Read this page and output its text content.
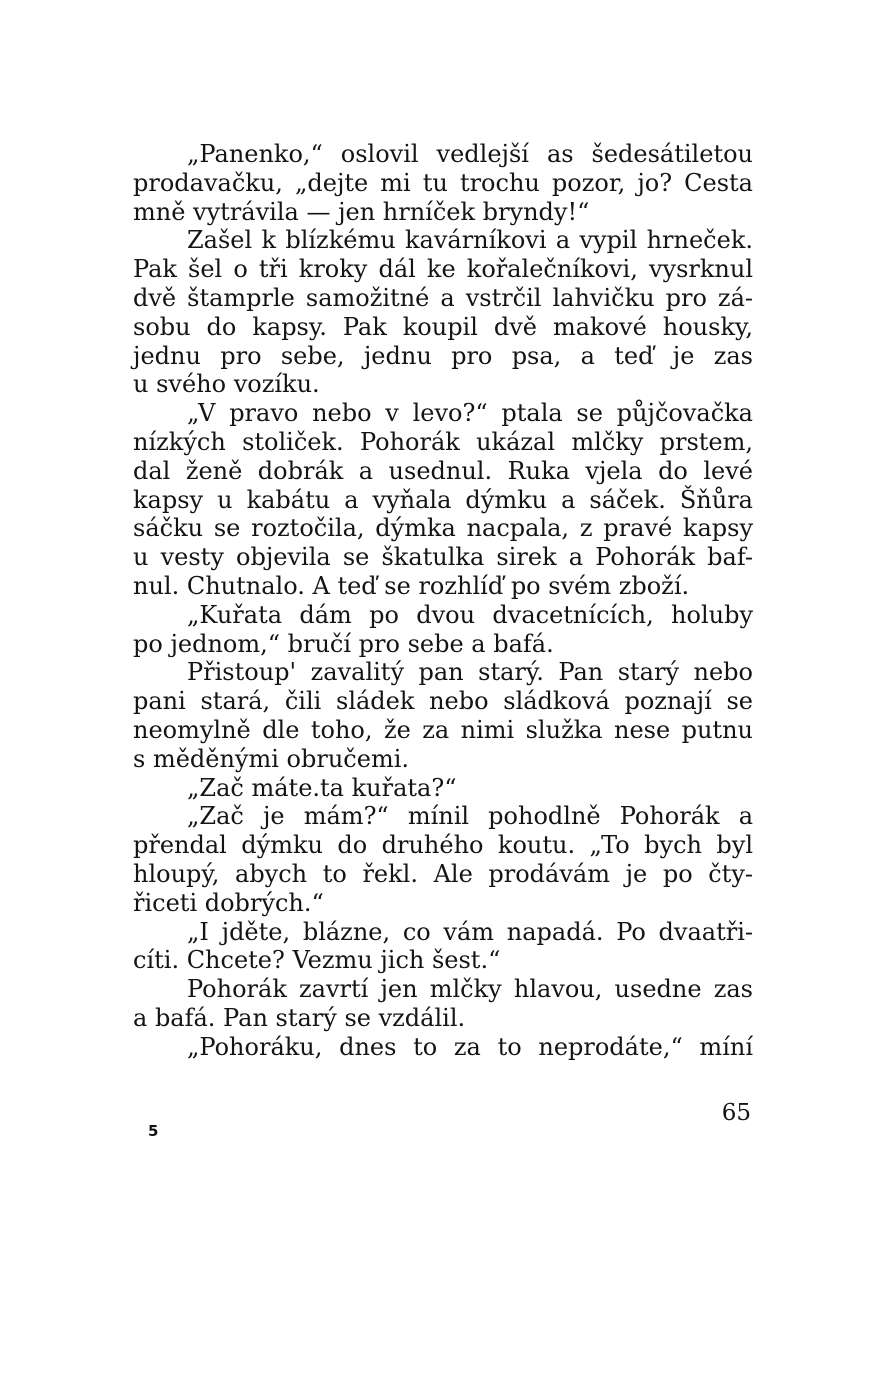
„Panenko,“ oslovil vedlejší as šedesátiletou
prodavačku, „dejte mi tu trochu pozor, jo? Cesta
mně vytrávila — jen hrníček bryndy!“
Zašel k blízkému kavárníkovi a vypil hrneček.
Pak šel o tři kroky dál ke kořalečníkovi, vysrknul
dvě štamprle samožitné a vstrčil lahvičku pro zá-
sobu do kapsy. Pak koupil dvě makové housky,
jednu pro sebe, jednu pro psa, a teď je zas
u svého vozíku.
„V pravo nebo v levo?“ ptala se půjčovačka
nízkých stoliček. Pohorák ukázal mlčky prstem,
dal ženě dobrák a usednul. Ruka vjela do levé
kapsy u kabátu a vyňala dýmku a sáček. Šňůra
sáčku se roztočila, dýmka nacpala, z pravé kapsy
u vesty objevila se škatulka sirek a Pohorák baf-
nul. Chutnalo. A teď se rozhlíď po svém zboží.
„Kuřata dám po dvou dvacetnících, holuby
po jednom,“ bručí pro sebe a bafá.
Přistoup' zavalitý pan starý. Pan starý nebo
pani stará, čili sládek nebo sládková poznají se
neomylně dle toho, že za nimi služka nese putnu
s měděnými obručemi.
„Zač máte.ta kuřata?“
„Zač je mám?“ mínil pohodlně Pohorák a
přendal dýmku do druhého koutu. „To bych byl
hloupý, abych to řekl. Ale prodávám je po čty-
řiceti dobrých.“
„I jděte, blázne, co vám napadá. Po dvaatři-
cíti. Chcete? Vezmu jich šest.“
Pohorák zavrtí jen mlčky hlavou, usedne zas
a bafá. Pan starý se vzdálil.
„Pohoráku, dnes to za to neprodáte,“ míní
65
5
